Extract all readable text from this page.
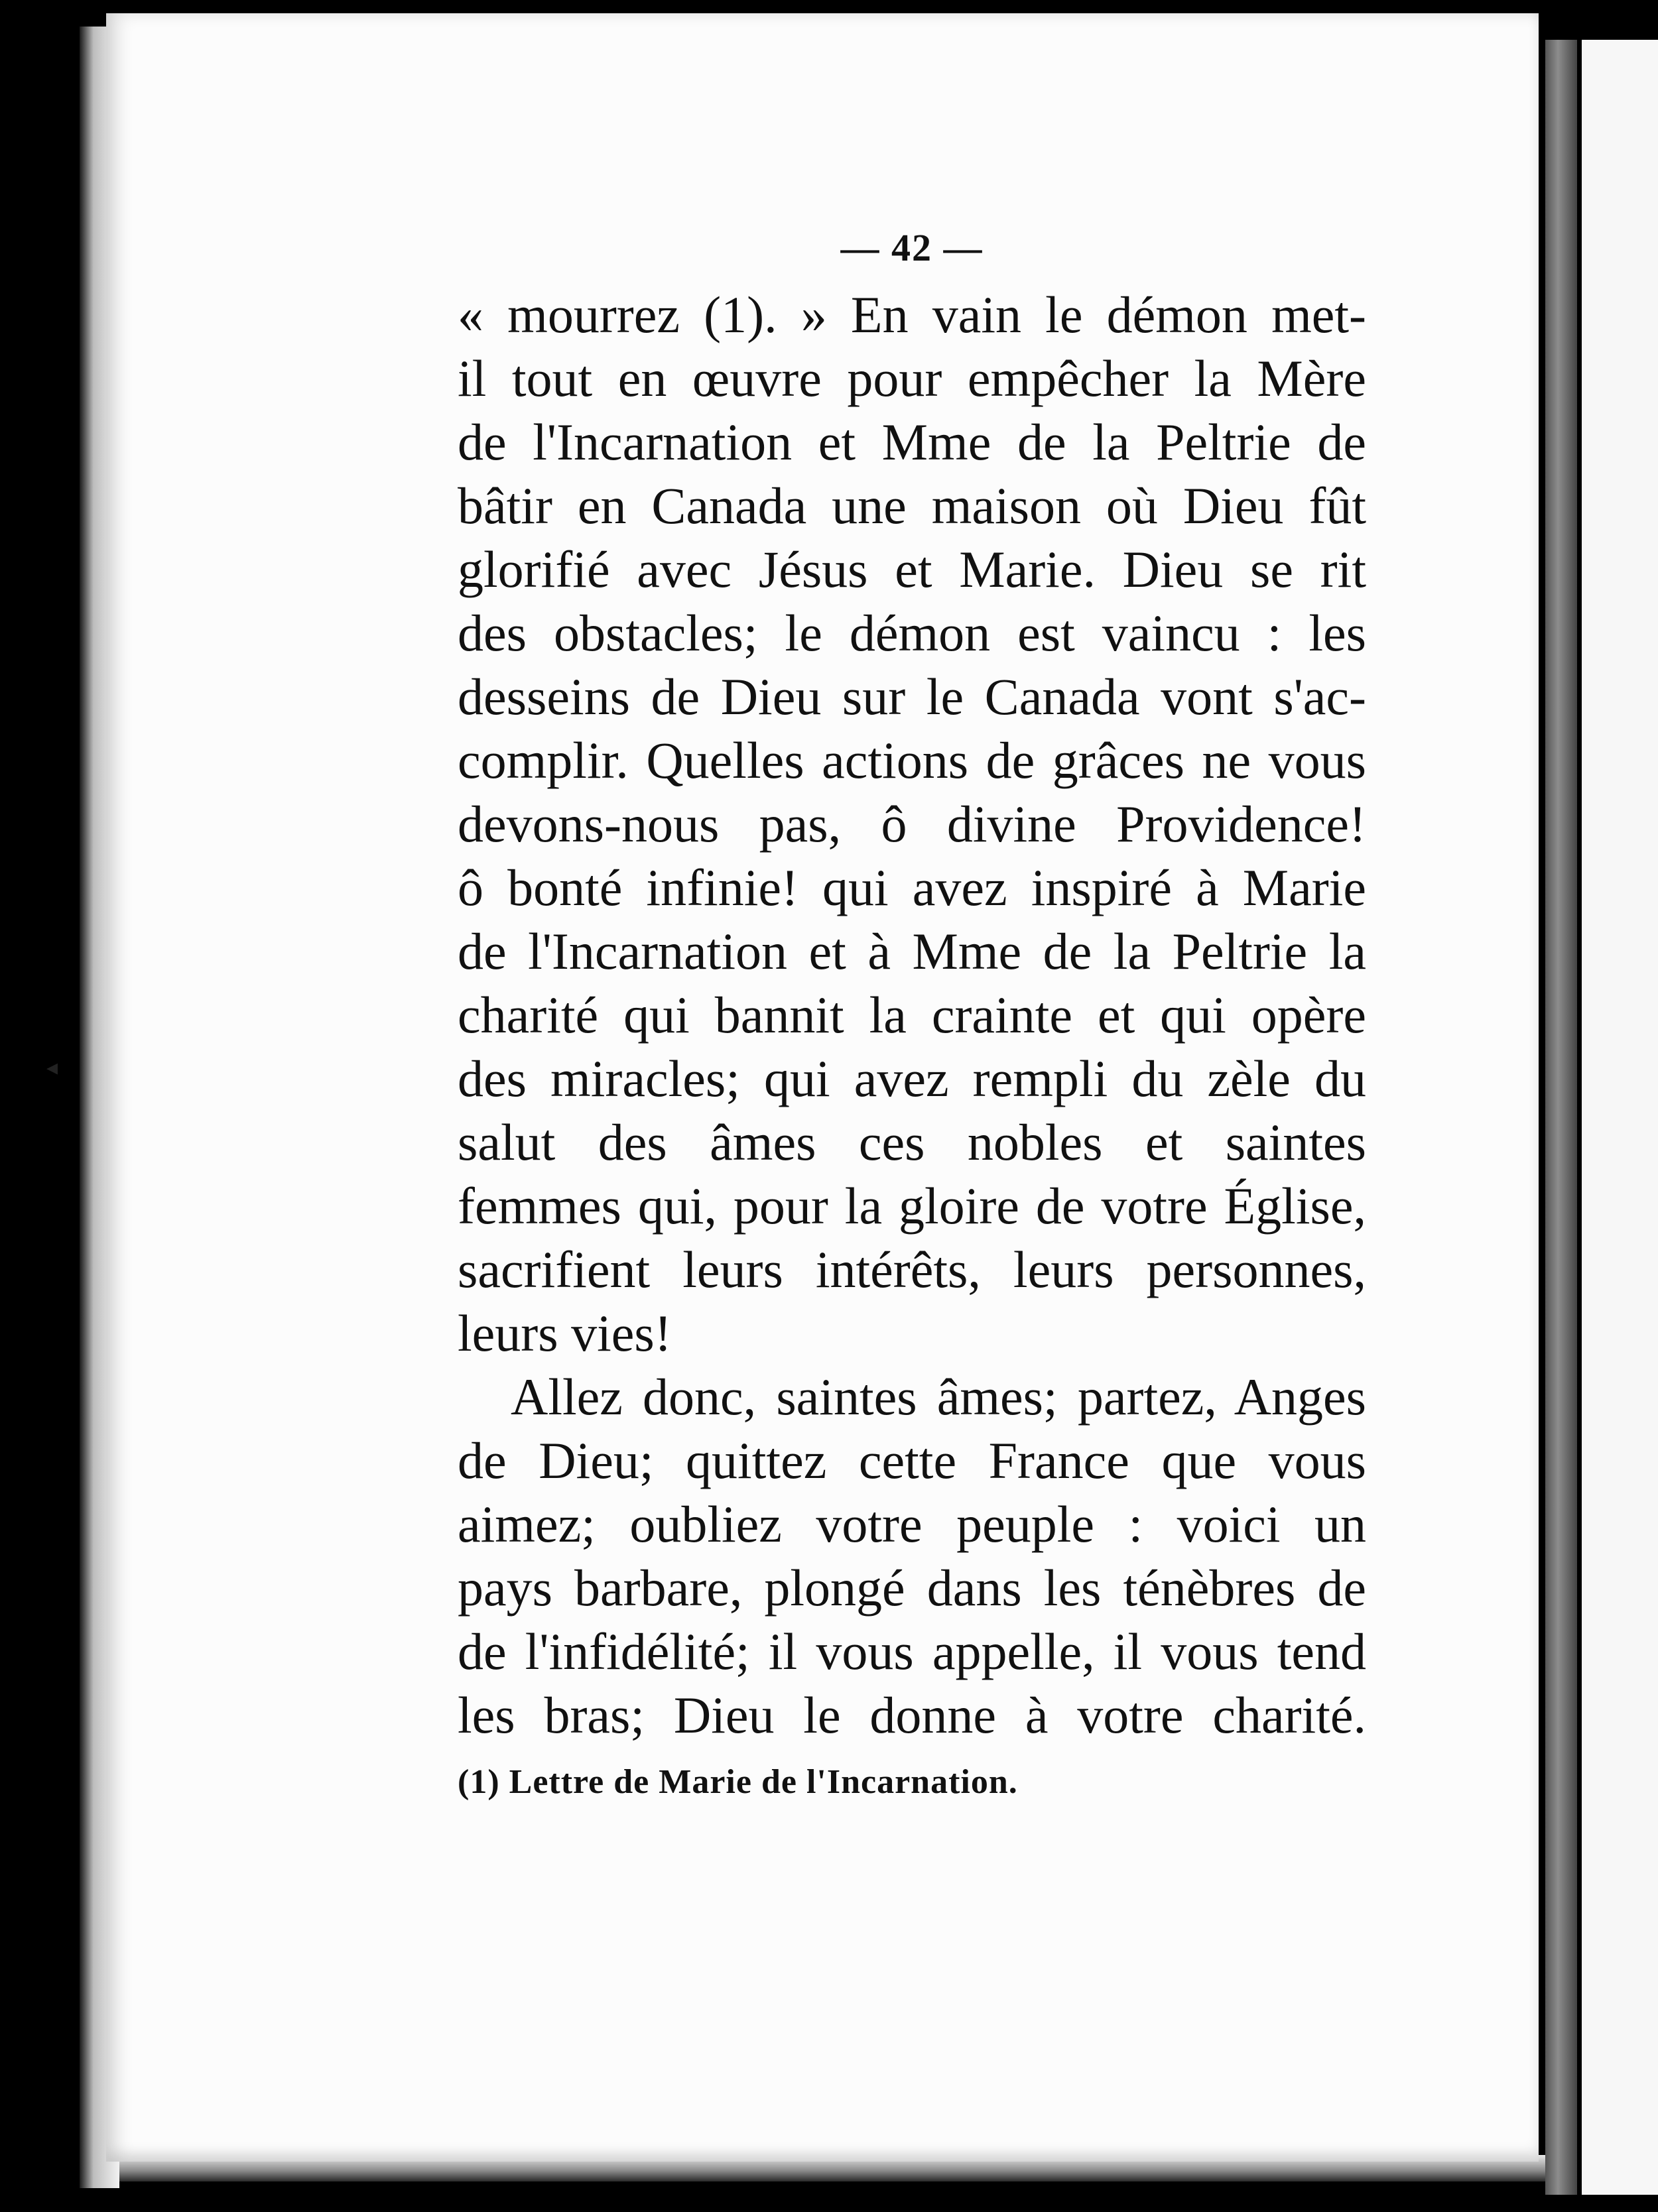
◂
— 42 —
« mourrez (1). » En vain le démon met-
il tout en œuvre pour empêcher la Mère
de l'Incarnation et Mme de la Peltrie de
bâtir en Canada une maison où Dieu fût
glorifié avec Jésus et Marie. Dieu se rit
des obstacles; le démon est vaincu : les
desseins de Dieu sur le Canada vont s'ac-
complir. Quelles actions de grâces ne vous
devons-nous pas, ô divine Providence!
ô bonté infinie! qui avez inspiré à Marie
de l'Incarnation et à Mme de la Peltrie la
charité qui bannit la crainte et qui opère
des miracles; qui avez rempli du zèle du
salut des âmes ces nobles et saintes
femmes qui, pour la gloire de votre Église,
sacrifient leurs intérêts, leurs personnes,
leurs vies!
Allez donc, saintes âmes; partez, Anges
de Dieu; quittez cette France que vous
aimez; oubliez votre peuple : voici un
pays barbare, plongé dans les ténèbres de
de l'infidélité; il vous appelle, il vous tend
les bras; Dieu le donne à votre charité.
(1) Lettre de Marie de l'Incarnation.
